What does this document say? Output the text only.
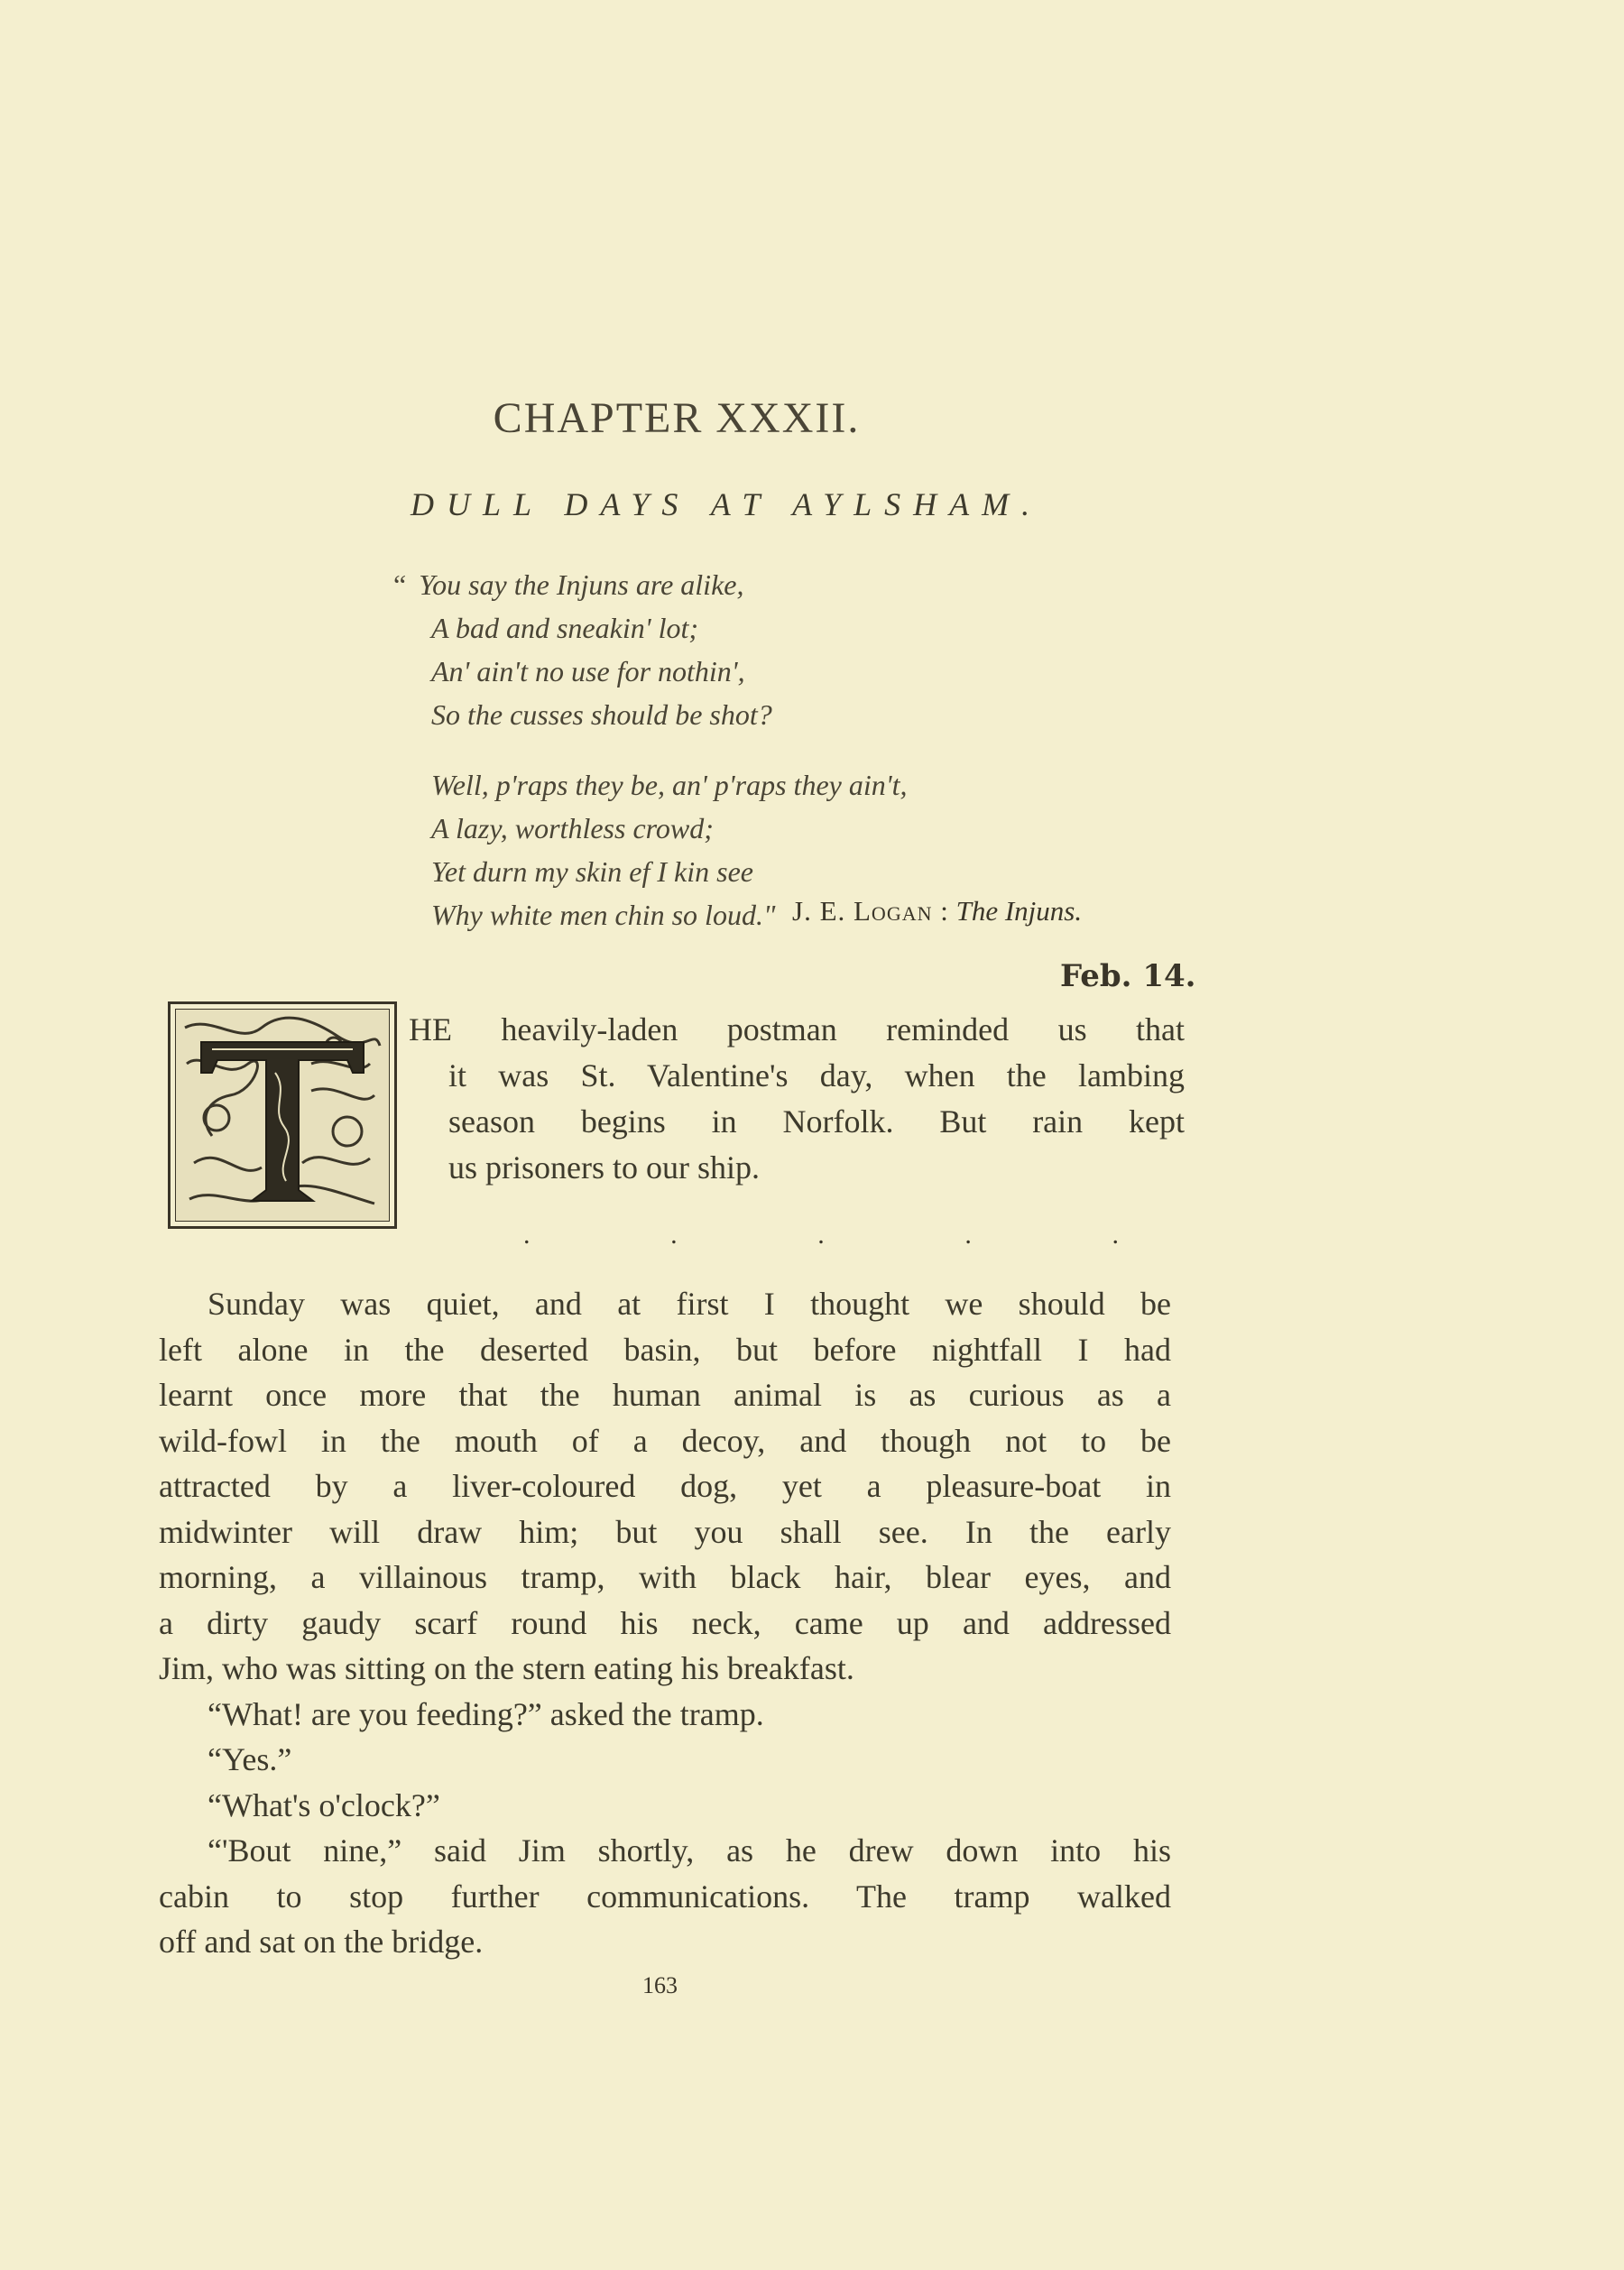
CHAPTER XXXII.
DULL DAYS AT AYLSHAM.
“ You say the Injuns are alike,
A bad and sneakin' lot;
An' ain't no use for nothin',
So the cusses should be shot?
Well, p'raps they be, an' p'raps they ain't,
A lazy, worthless crowd;
Yet durn my skin ef I kin see
Why white men chin so loud." J. E. Logan : The Injuns.
Feb. 14.
HE heavily-laden postman reminded us that
it was St. Valentine's day, when the lambing
season begins in Norfolk. But rain kept
us prisoners to our ship.
.	.	.	.	.
Sunday was quiet, and at first I thought we should be
left alone in the deserted basin, but before nightfall I had
learnt once more that the human animal is as curious as a
wild-fowl in the mouth of a decoy, and though not to be
attracted by a liver-coloured dog, yet a pleasure-boat in
midwinter will draw him; but you shall see. In the early
morning, a villainous tramp, with black hair, blear eyes, and
a dirty gaudy scarf round his neck, came up and addressed
Jim, who was sitting on the stern eating his breakfast.
“What! are you feeding?” asked the tramp.
“Yes.”
“What's o'clock?”
“'Bout nine,” said Jim shortly, as he drew down into his
cabin to stop further communications. The tramp walked
off and sat on the bridge.
163
